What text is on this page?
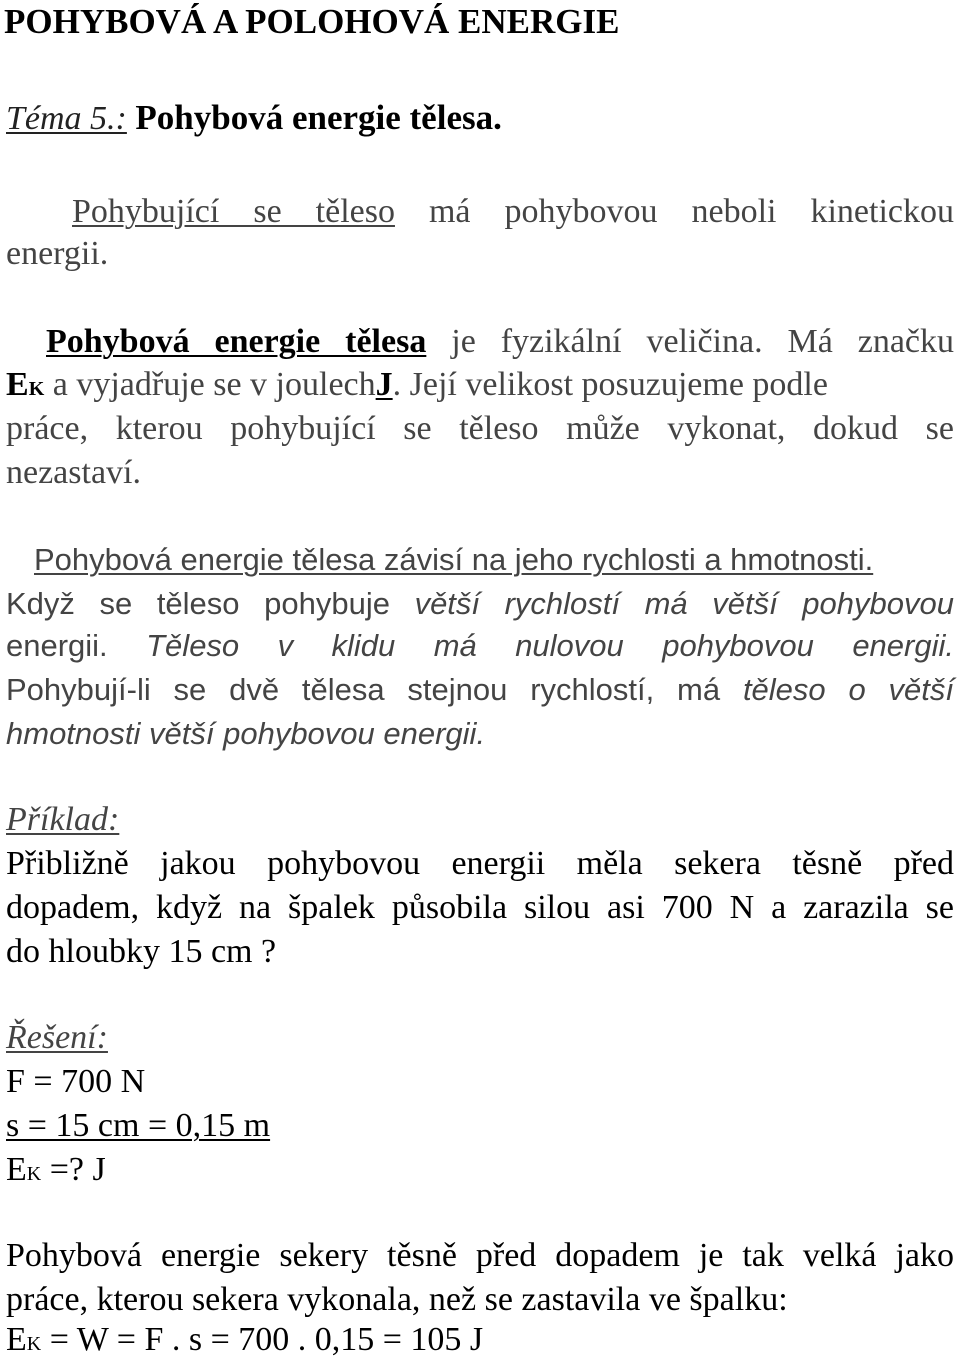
POHYBOVÁ A POLOHOVÁ ENERGIE
Téma 5.: Pohybová energie tělesa.
Pohybující se těleso má pohybovou neboli kinetickou
energii.
Pohybová energie tělesa je fyzikální veličina. Má značku
EK a vyjadřuje se v joulechJ. Její velikost posuzujeme podle
práce, kterou pohybující se těleso může vykonat, dokud se
nezastaví.
Pohybová energie tělesa závisí na jeho rychlosti a hmotnosti.
Když se těleso pohybuje větší rychlostí má větší pohybovou
energii. Těleso v klidu má nulovou pohybovou energii.
Pohybují-li se dvě tělesa stejnou rychlostí, má těleso o větší
hmotnosti větší pohybovou energii.
Příklad:
Přibližně jakou pohybovou energii měla sekera těsně před
dopadem, když na špalek působila silou asi 700 N a zarazila se
do hloubky 15 cm ?
Řešení:
F = 700 N
s = 15 cm = 0,15 m
EK =? J
Pohybová energie sekery těsně před dopadem je tak velká jako
práce, kterou sekera vykonala, než se zastavila ve špalku:
EK = W = F . s = 700 . 0,15 = 105 J
